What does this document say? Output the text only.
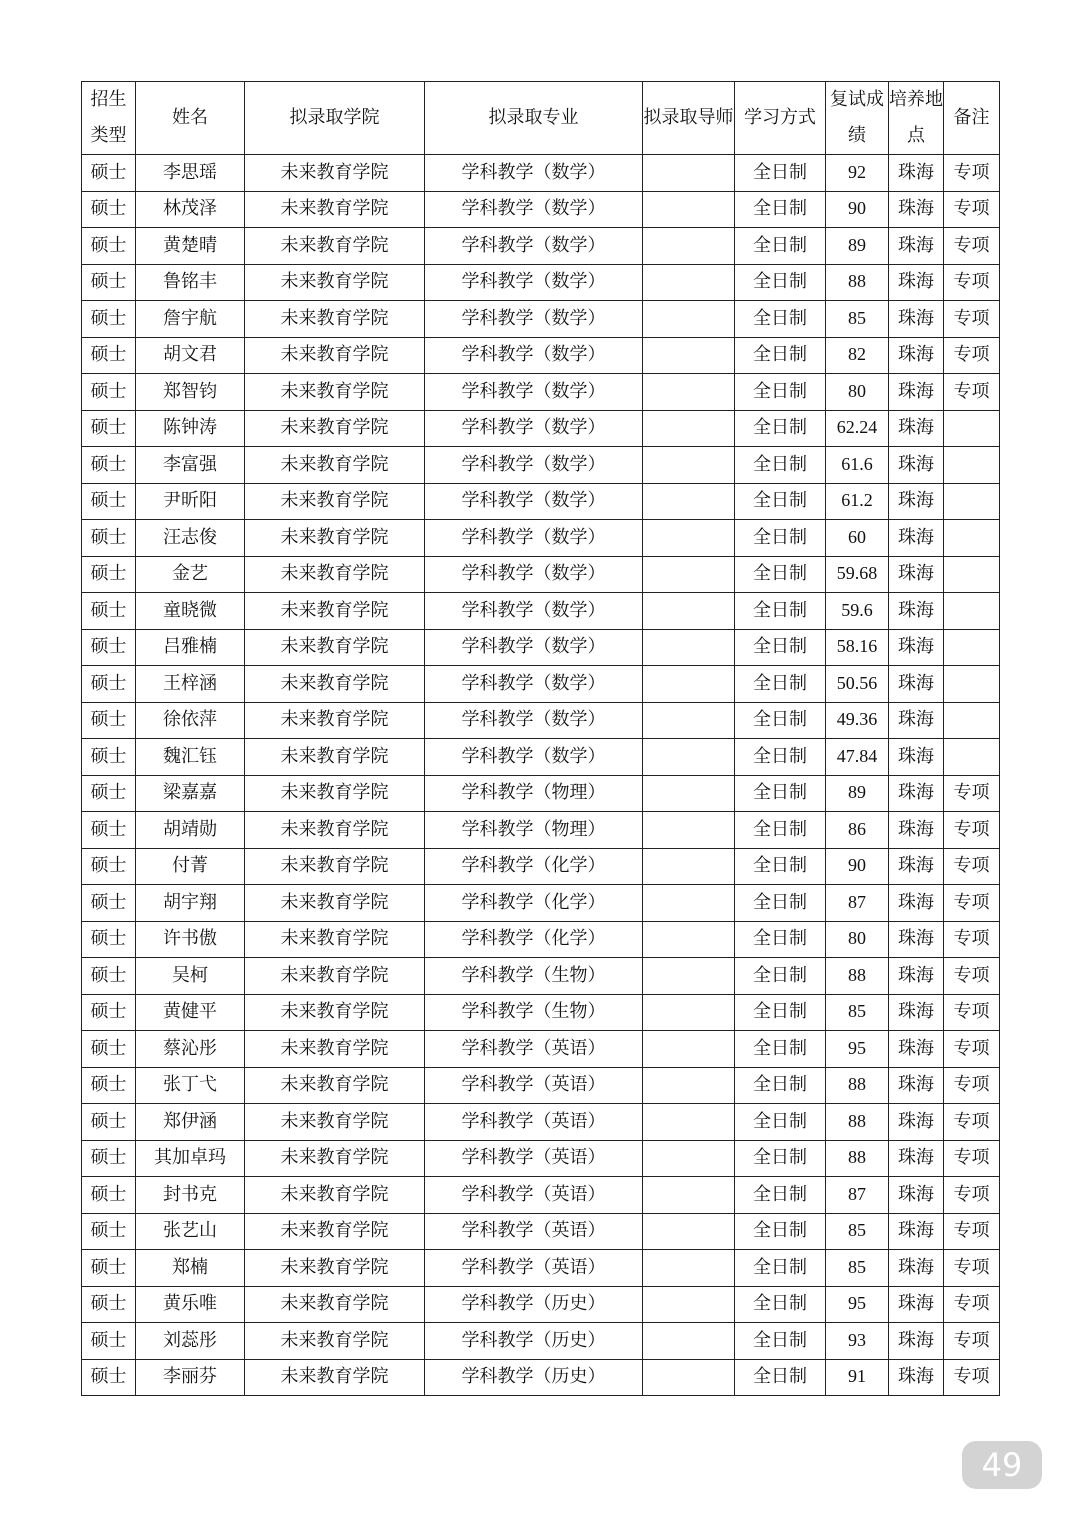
招生类型	姓名	拟录取学院	拟录取专业	拟录取导师	学习方式	复试成绩	培养地点	备注
硕士	李思瑶	未来教育学院	学科教学（数学）		全日制	92	珠海	专项
硕士	林茂泽	未来教育学院	学科教学（数学）		全日制	90	珠海	专项
硕士	黄楚晴	未来教育学院	学科教学（数学）		全日制	89	珠海	专项
硕士	鲁铭丰	未来教育学院	学科教学（数学）		全日制	88	珠海	专项
硕士	詹宇航	未来教育学院	学科教学（数学）		全日制	85	珠海	专项
硕士	胡文君	未来教育学院	学科教学（数学）		全日制	82	珠海	专项
硕士	郑智钧	未来教育学院	学科教学（数学）		全日制	80	珠海	专项
硕士	陈钟涛	未来教育学院	学科教学（数学）		全日制	62.24	珠海	
硕士	李富强	未来教育学院	学科教学（数学）		全日制	61.6	珠海	
硕士	尹昕阳	未来教育学院	学科教学（数学）		全日制	61.2	珠海	
硕士	汪志俊	未来教育学院	学科教学（数学）		全日制	60	珠海	
硕士	金艺	未来教育学院	学科教学（数学）		全日制	59.68	珠海	
硕士	童晓微	未来教育学院	学科教学（数学）		全日制	59.6	珠海	
硕士	吕雅楠	未来教育学院	学科教学（数学）		全日制	58.16	珠海	
硕士	王梓涵	未来教育学院	学科教学（数学）		全日制	50.56	珠海	
硕士	徐依萍	未来教育学院	学科教学（数学）		全日制	49.36	珠海	
硕士	魏汇钰	未来教育学院	学科教学（数学）		全日制	47.84	珠海	
硕士	梁嘉嘉	未来教育学院	学科教学（物理）		全日制	89	珠海	专项
硕士	胡靖勋	未来教育学院	学科教学（物理）		全日制	86	珠海	专项
硕士	付菁	未来教育学院	学科教学（化学）		全日制	90	珠海	专项
硕士	胡宇翔	未来教育学院	学科教学（化学）		全日制	87	珠海	专项
硕士	许书傲	未来教育学院	学科教学（化学）		全日制	80	珠海	专项
硕士	吴柯	未来教育学院	学科教学（生物）		全日制	88	珠海	专项
硕士	黄健平	未来教育学院	学科教学（生物）		全日制	85	珠海	专项
硕士	蔡沁彤	未来教育学院	学科教学（英语）		全日制	95	珠海	专项
硕士	张丁弋	未来教育学院	学科教学（英语）		全日制	88	珠海	专项
硕士	郑伊涵	未来教育学院	学科教学（英语）		全日制	88	珠海	专项
硕士	其加卓玛	未来教育学院	学科教学（英语）		全日制	88	珠海	专项
硕士	封书克	未来教育学院	学科教学（英语）		全日制	87	珠海	专项
硕士	张艺山	未来教育学院	学科教学（英语）		全日制	85	珠海	专项
硕士	郑楠	未来教育学院	学科教学（英语）		全日制	85	珠海	专项
硕士	黄乐唯	未来教育学院	学科教学（历史）		全日制	95	珠海	专项
硕士	刘蕊彤	未来教育学院	学科教学（历史）		全日制	93	珠海	专项
硕士	李丽芬	未来教育学院	学科教学（历史）		全日制	91	珠海	专项
49
